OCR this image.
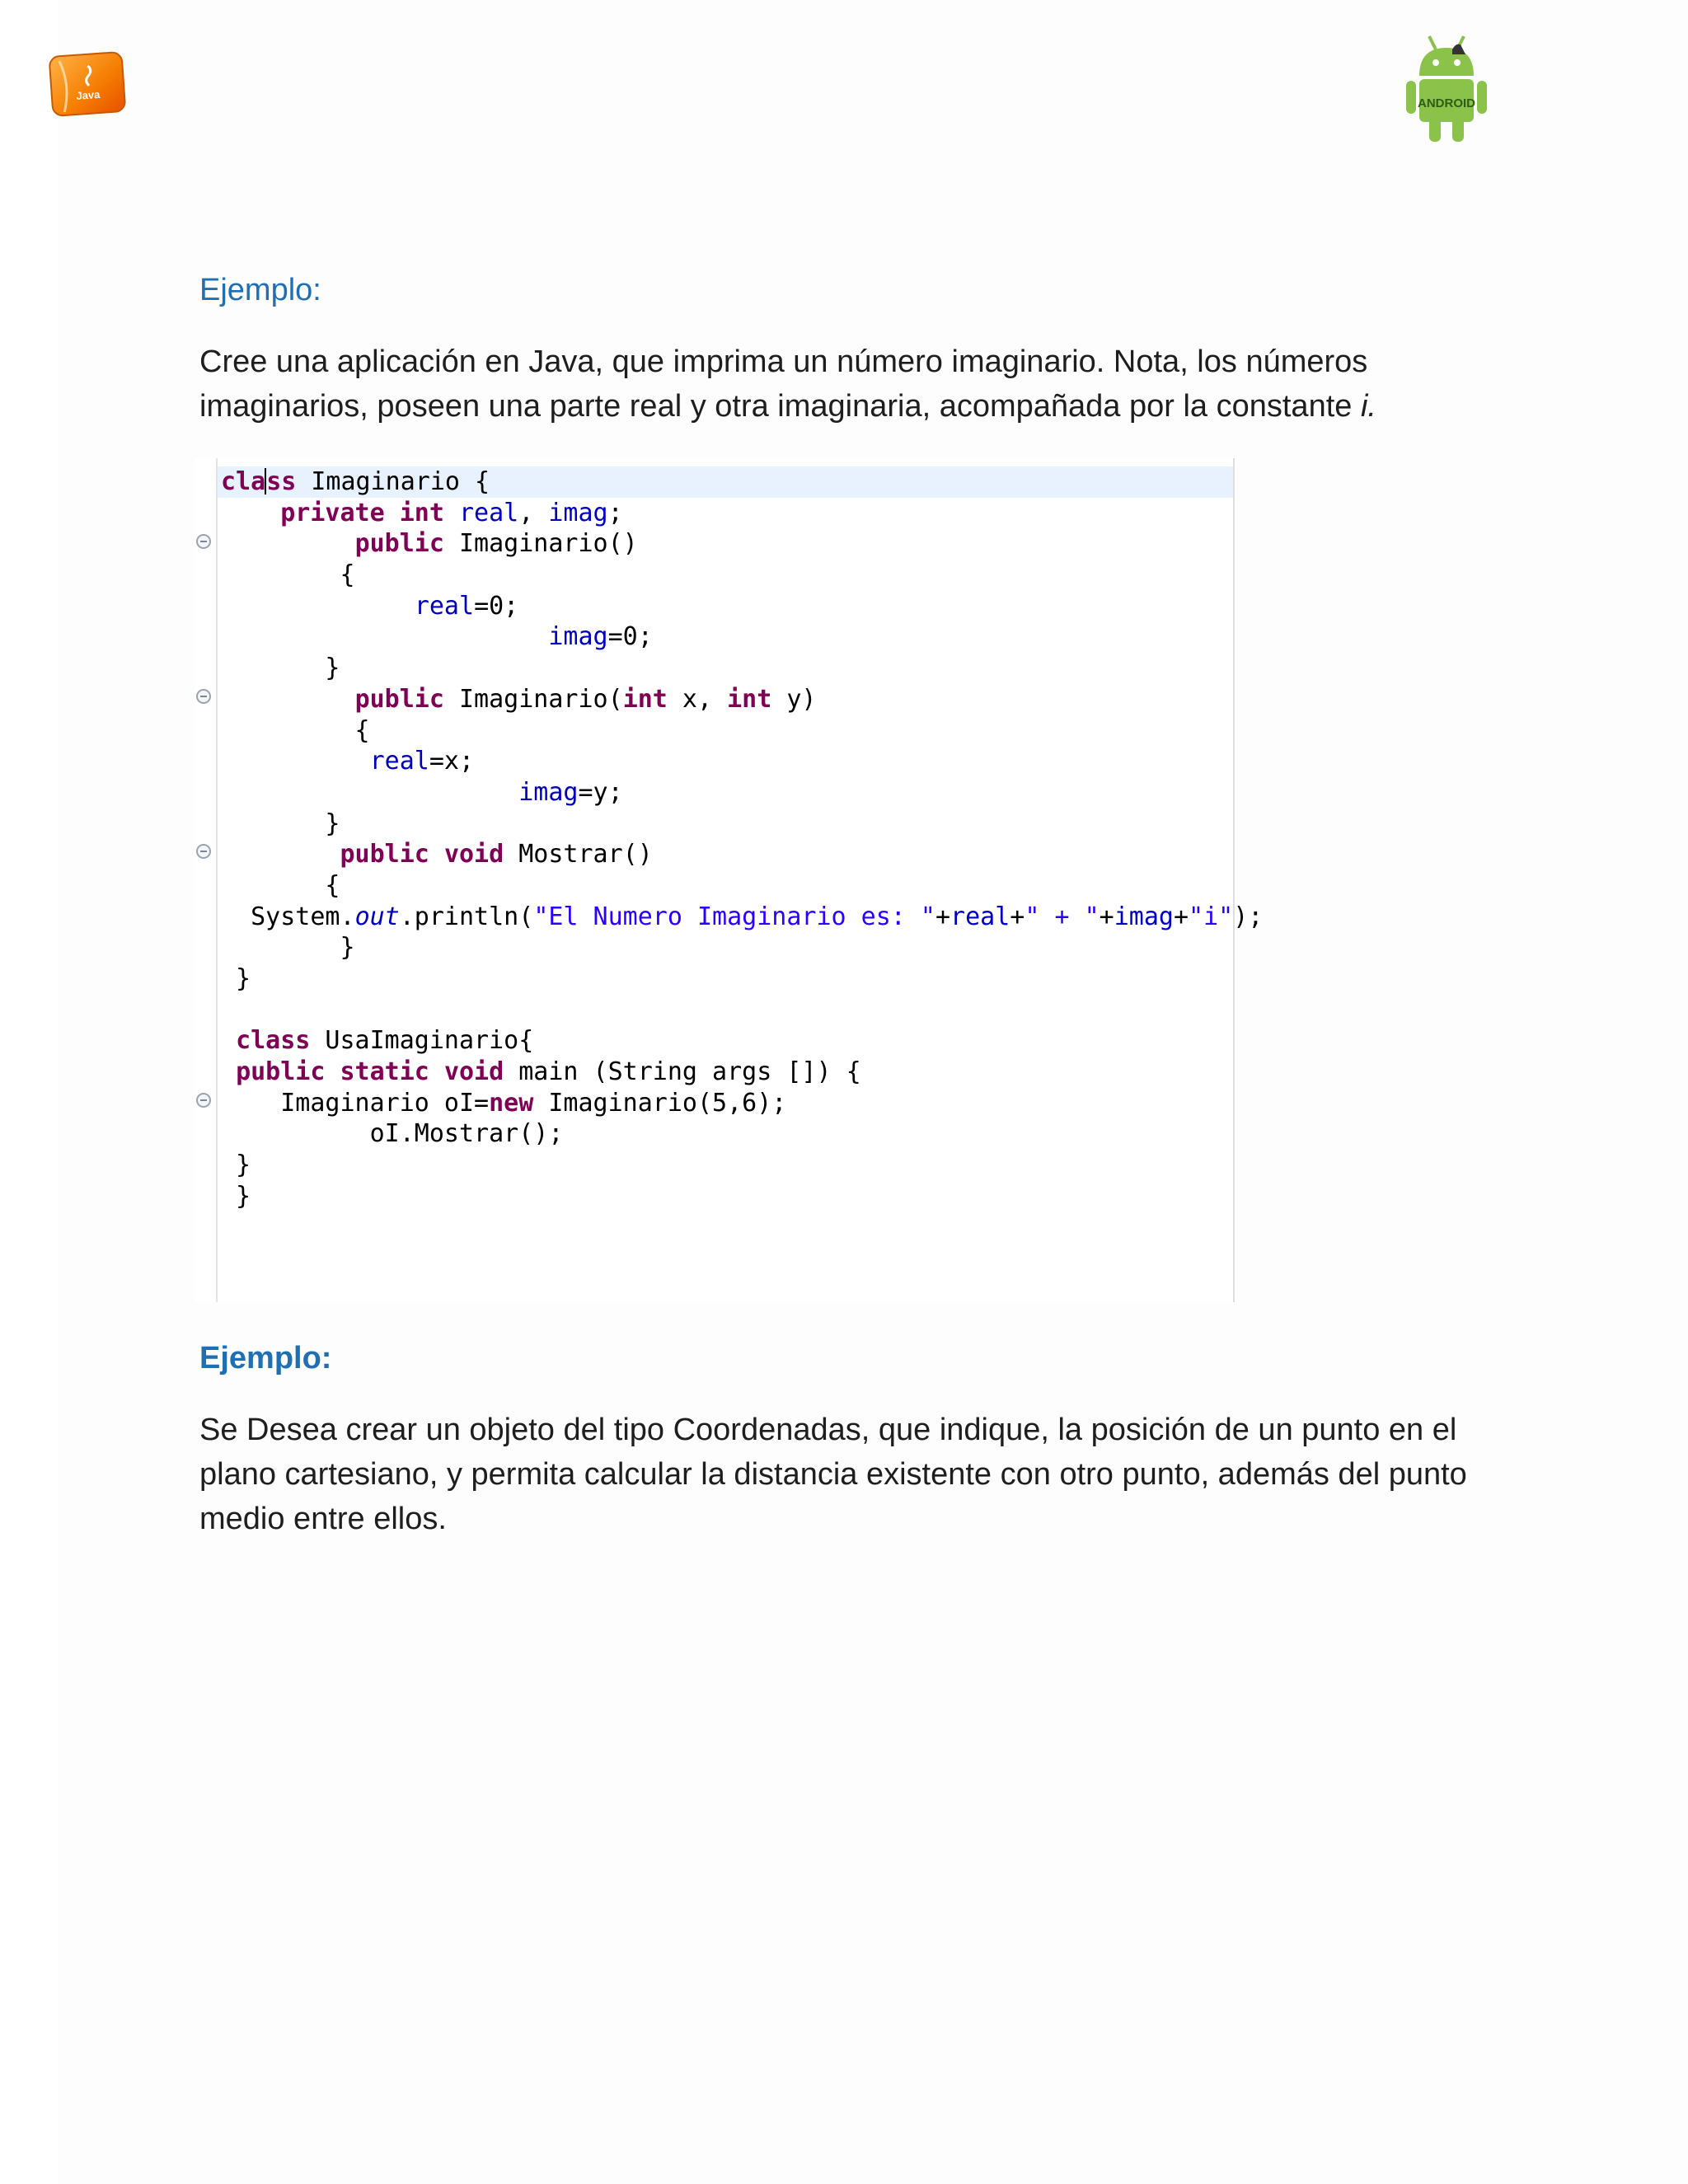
Java
ANDROID
Ejemplo:

Cree una aplicación en Java, que imprima un número imaginario. Nota, los números imaginarios, poseen una parte real y otra imaginaria, acompañada por la constante i.

class Imaginario {
private int real, imag;
public Imaginario()
{
real=0;
imag=0;
}
public Imaginario(int x, int y)
{
real=x;
imag=y;
}
public void Mostrar()
{
System.out.println("El Numero Imaginario es: "+real+" + "+imag+"i");
}
}

class UsaImaginario{
public static void main (String args []) {
Imaginario oI=new Imaginario(5,6);
oI.Mostrar();
}
}
Ejemplo:

Se Desea crear un objeto del tipo Coordenadas, que indique, la posición de un punto en el plano cartesiano, y permita calcular la distancia existente con otro punto, además del punto medio entre ellos.
